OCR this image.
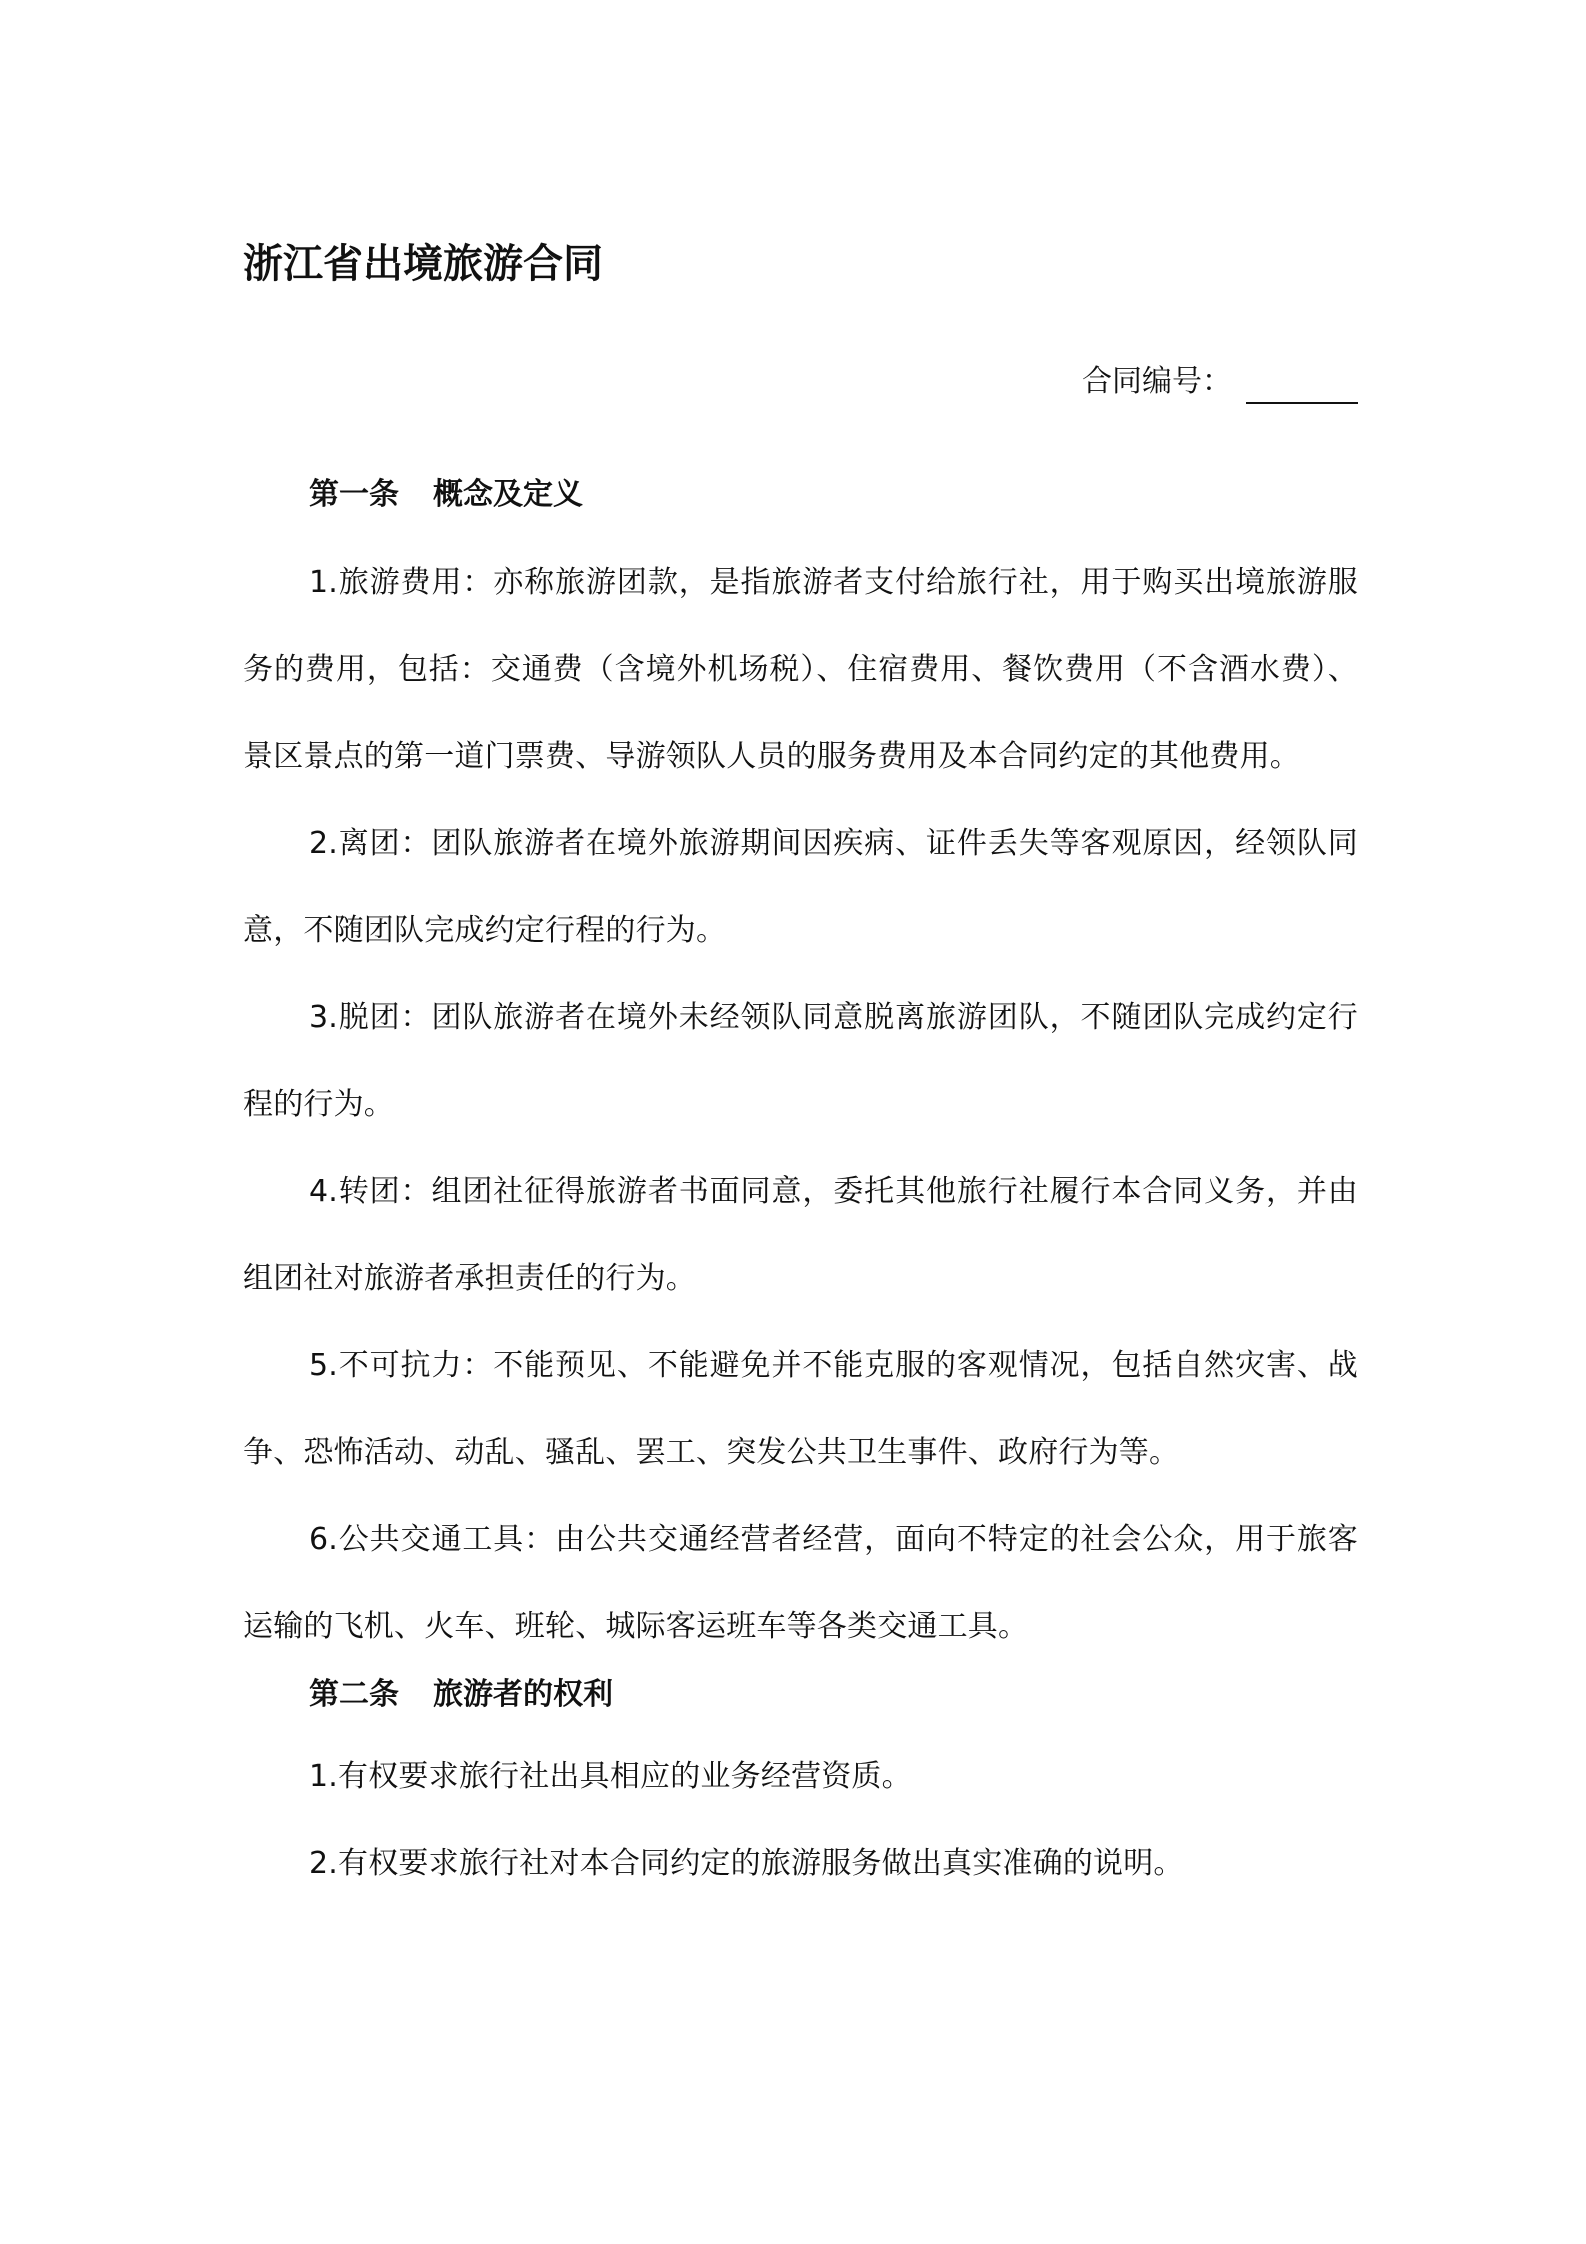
浙江省出境旅游合同
合同编号：
第一条 概念及定义

1.旅游费用：亦称旅游团款，是指旅游者支付给旅行社，用于购买出境旅游服务的费用，包括：交通费（含境外机场税）、住宿费用、餐饮费用（不含酒水费）、景区景点的第一道门票费、导游领队人员的服务费用及本合同约定的其他费用。

2.离团：团队旅游者在境外旅游期间因疾病、证件丢失等客观原因，经领队同意，不随团队完成约定行程的行为。

3.脱团：团队旅游者在境外未经领队同意脱离旅游团队，不随团队完成约定行程的行为。

4.转团：组团社征得旅游者书面同意，委托其他旅行社履行本合同义务，并由组团社对旅游者承担责任的行为。

5.不可抗力：不能预见、不能避免并不能克服的客观情况，包括自然灾害、战争、恐怖活动、动乱、骚乱、罢工、突发公共卫生事件、政府行为等。

6.公共交通工具：由公共交通经营者经营，面向不特定的社会公众，用于旅客运输的飞机、火车、班轮、城际客运班车等各类交通工具。

第二条 旅游者的权利

1.有权要求旅行社出具相应的业务经营资质。

2.有权要求旅行社对本合同约定的旅游服务做出真实准确的说明。
